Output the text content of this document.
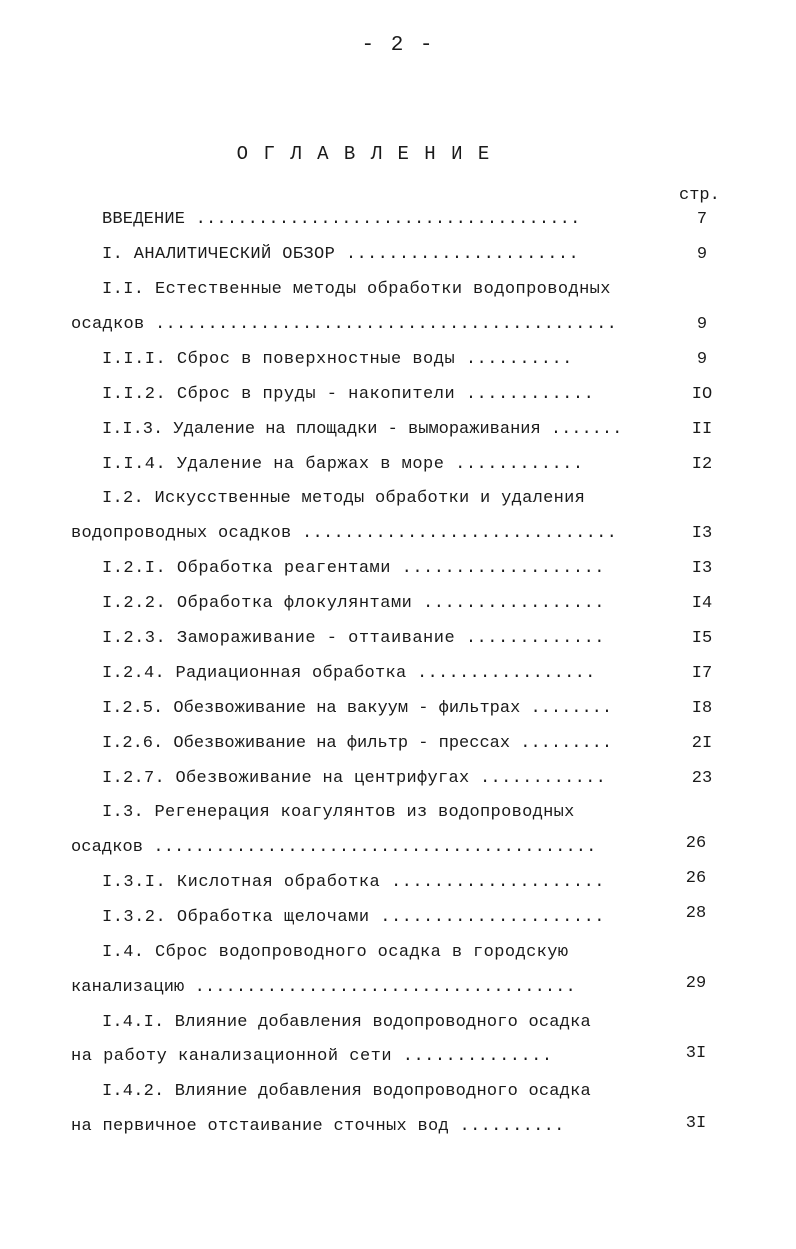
- 2 -
О Г Л А В Л Е Н И Е
стр.
ВВЕДЕНИЕ .....................................	7
I. АНАЛИТИЧЕСКИЙ ОБЗОР ......................	9
I.I. Естественные методы обработки водопроводных
осадков ............................................	9
I.I.I. Сброс в поверхностные воды ..........	9
I.I.2. Сброс в пруды - накопители ............	IO
I.I.3. Удаление на площадки - вымораживания .......	II
I.I.4. Удаление на баржах в море ............	I2
I.2. Искусственные методы обработки и удаления
водопроводных осадков ..............................	I3
I.2.I. Обработка реагентами ...................	I3
I.2.2. Обработка флокулянтами .................	I4
I.2.3. Замораживание - оттаивание .............	I5
I.2.4. Радиационная обработка .................	I7
I.2.5. Обезвоживание на вакуум - фильтрах ........	I8
I.2.6. Обезвоживание на фильтр - прессах .........	2I
I.2.7. Обезвоживание на центрифугах ............	23
I.3. Регенерация коагулянтов из водопроводных
осадков ...........................................	26
I.3.I. Кислотная обработка ....................	26
I.3.2. Обработка щелочами .....................	28
I.4. Сброс водопроводного осадка в городскую
канализацию .....................................	29
I.4.I. Влияние добавления водопроводного осадка
на работу канализационной сети ..............	3I
I.4.2. Влияние добавления водопроводного осадка
на первичное отстаивание сточных вод ..........	3I
